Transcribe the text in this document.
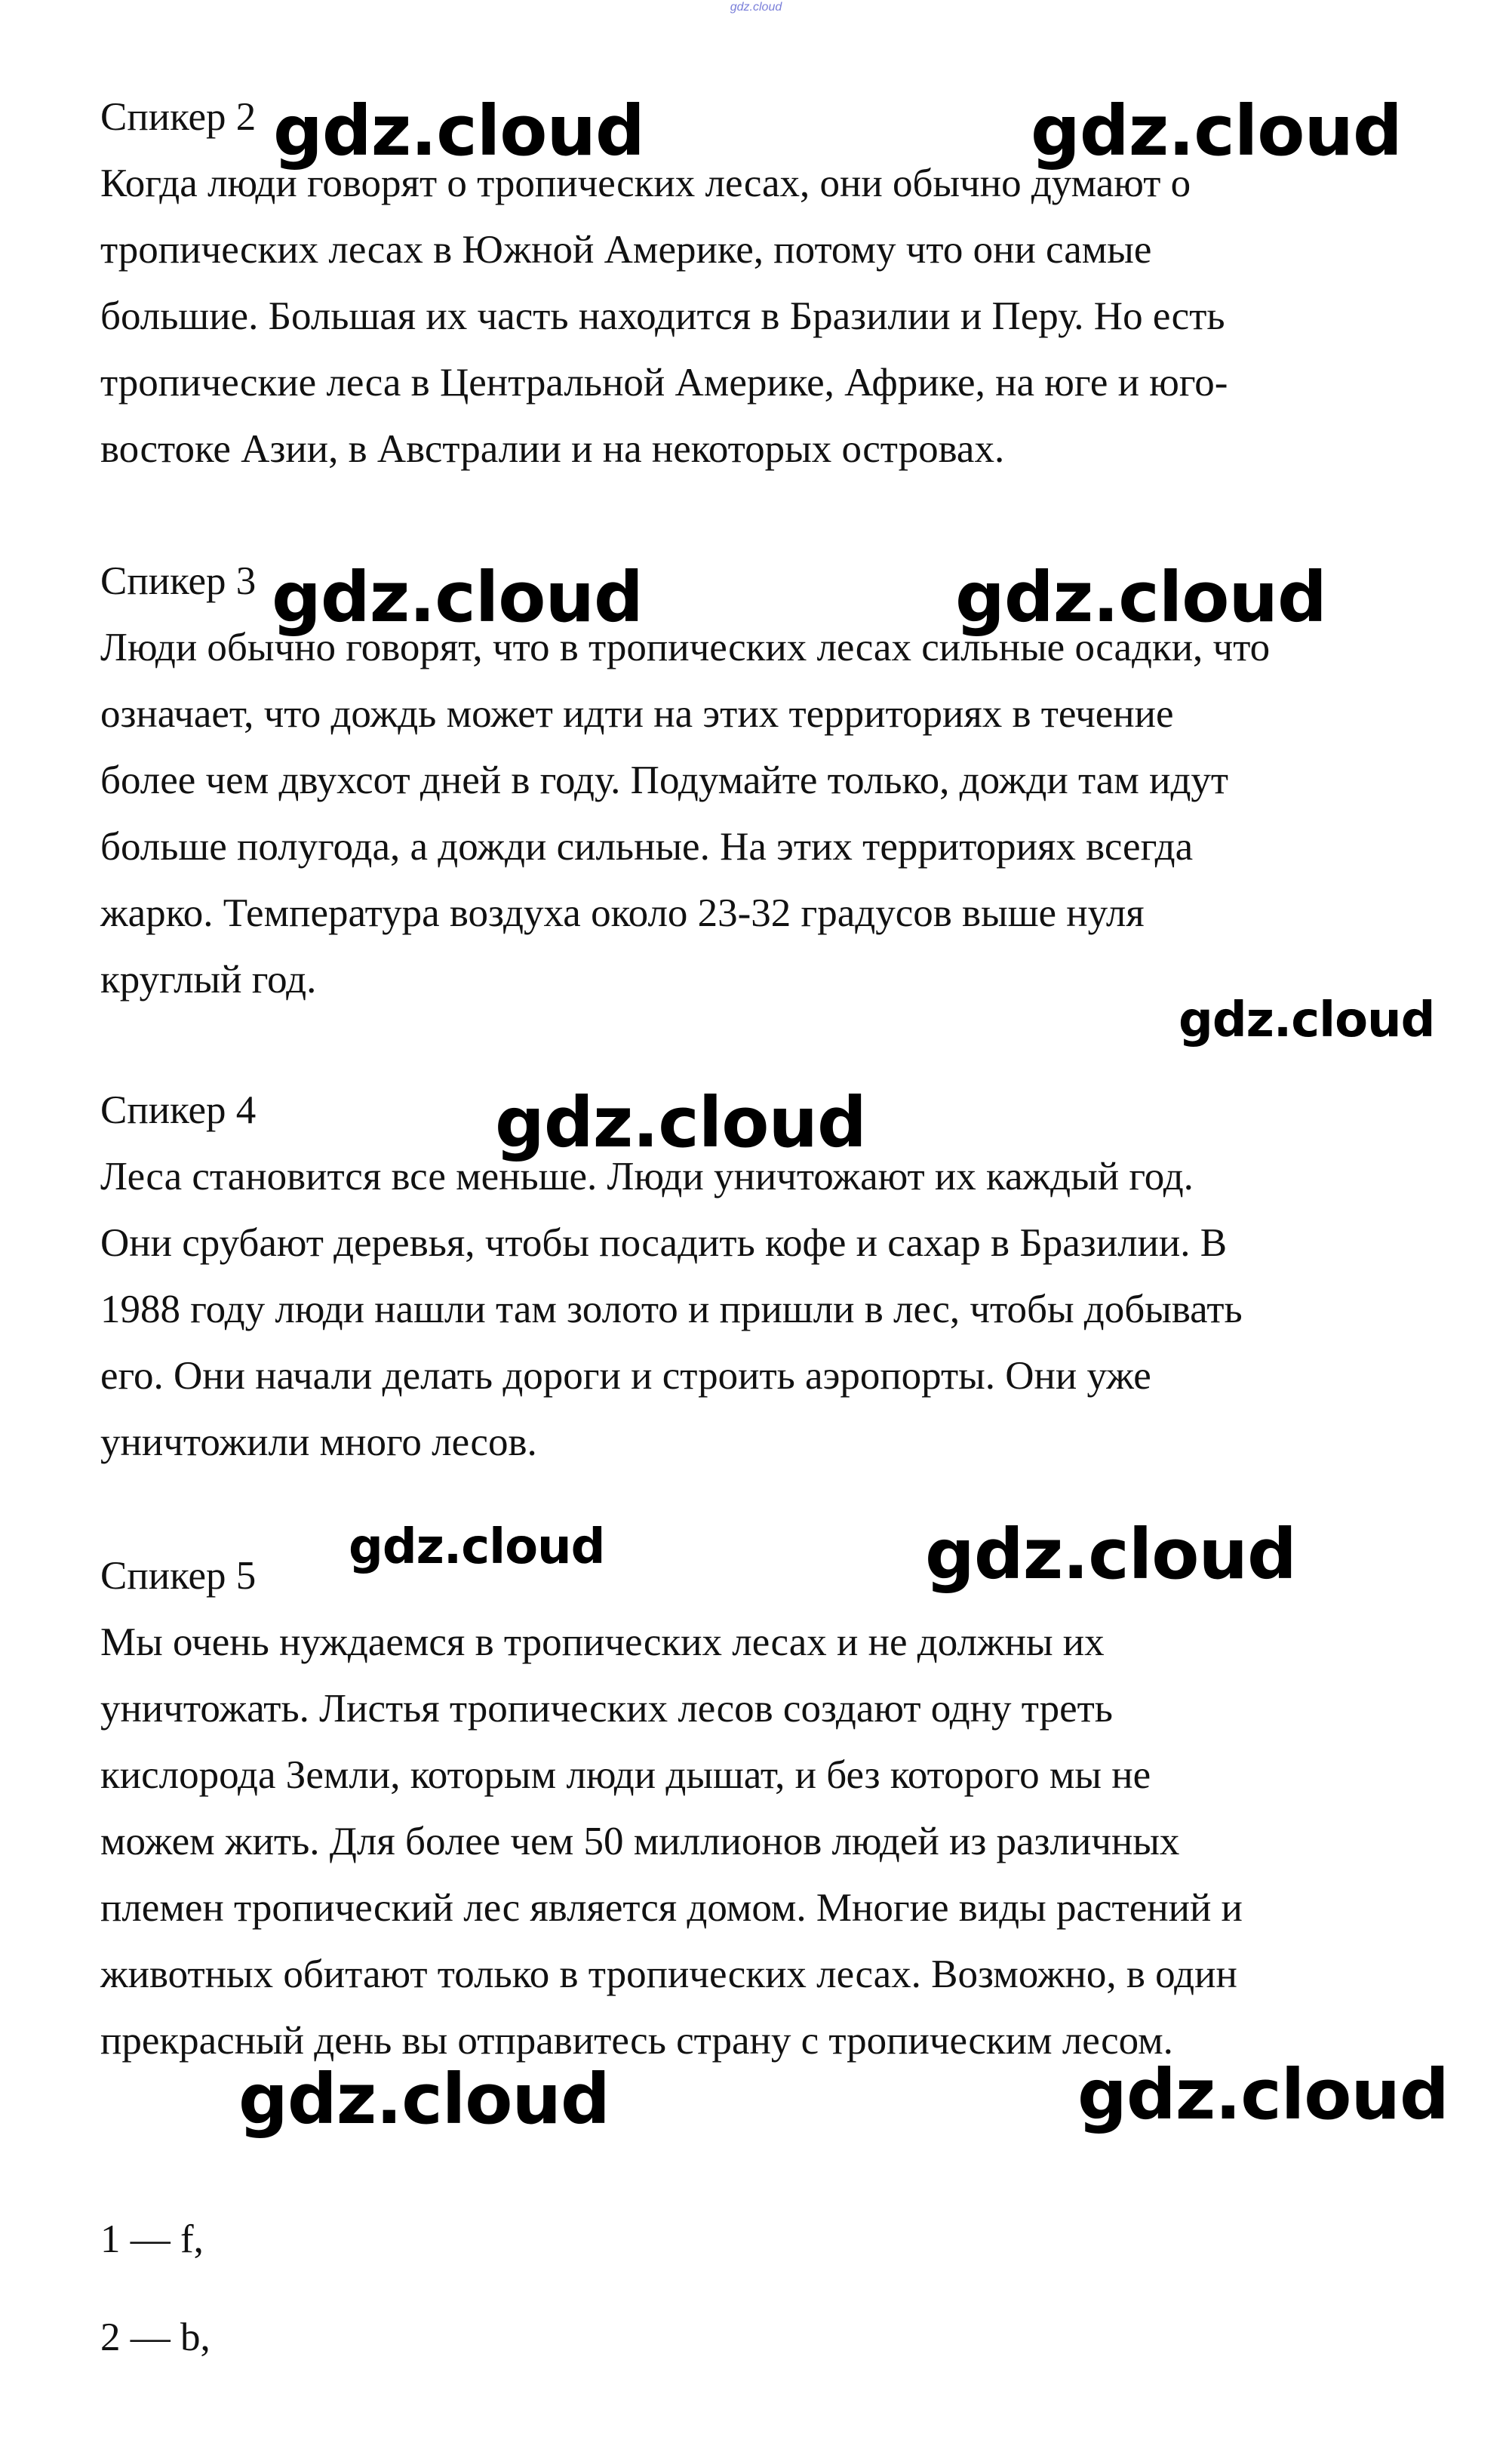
gdz.cloud
Спикер 2

Когда люди говорят о тропических лесах, они обычно думают о

тропических лесах в Южной Америке, потому что они самые

большие. Большая их часть находится в Бразилии и Перу. Но есть

тропические леса в Центральной Америке, Африке, на юге и юго-

востоке Азии, в Австралии и на некоторых островах.

Спикер 3

Люди обычно говорят, что в тропических лесах сильные осадки, что

означает, что дождь может идти на этих территориях в течение

более чем двухсот дней в году. Подумайте только, дожди там идут

больше полугода, а дожди сильные. На этих территориях всегда

жарко. Температура воздуха около 23-32 градусов выше нуля

круглый год.

Спикер 4

Леса становится все меньше. Люди уничтожают их каждый год.

Они срубают деревья, чтобы посадить кофе и сахар в Бразилии. В

1988 году люди нашли там золото и пришли в лес, чтобы добывать

его. Они начали делать дороги и строить аэропорты. Они уже

уничтожили много лесов.

Спикер 5

Мы очень нуждаемся в тропических лесах и не должны их

уничтожать. Листья тропических лесов создают одну треть

кислорода Земли, которым люди дышат, и без которого мы не

можем жить. Для более чем 50 миллионов людей из различных

племен тропический лес является домом. Многие виды растений и

животных обитают только в тропических лесах. Возможно, в один

прекрасный день вы отправитесь страну с тропическим лесом.

1 — f,
2 — b,
gdz.cloud	gdz.cloud
gdz.cloud	gdz.cloud
gdz.cloud
gdz.cloud
gdz.cloud	gdz.cloud
gdz.cloud	gdz.cloud
